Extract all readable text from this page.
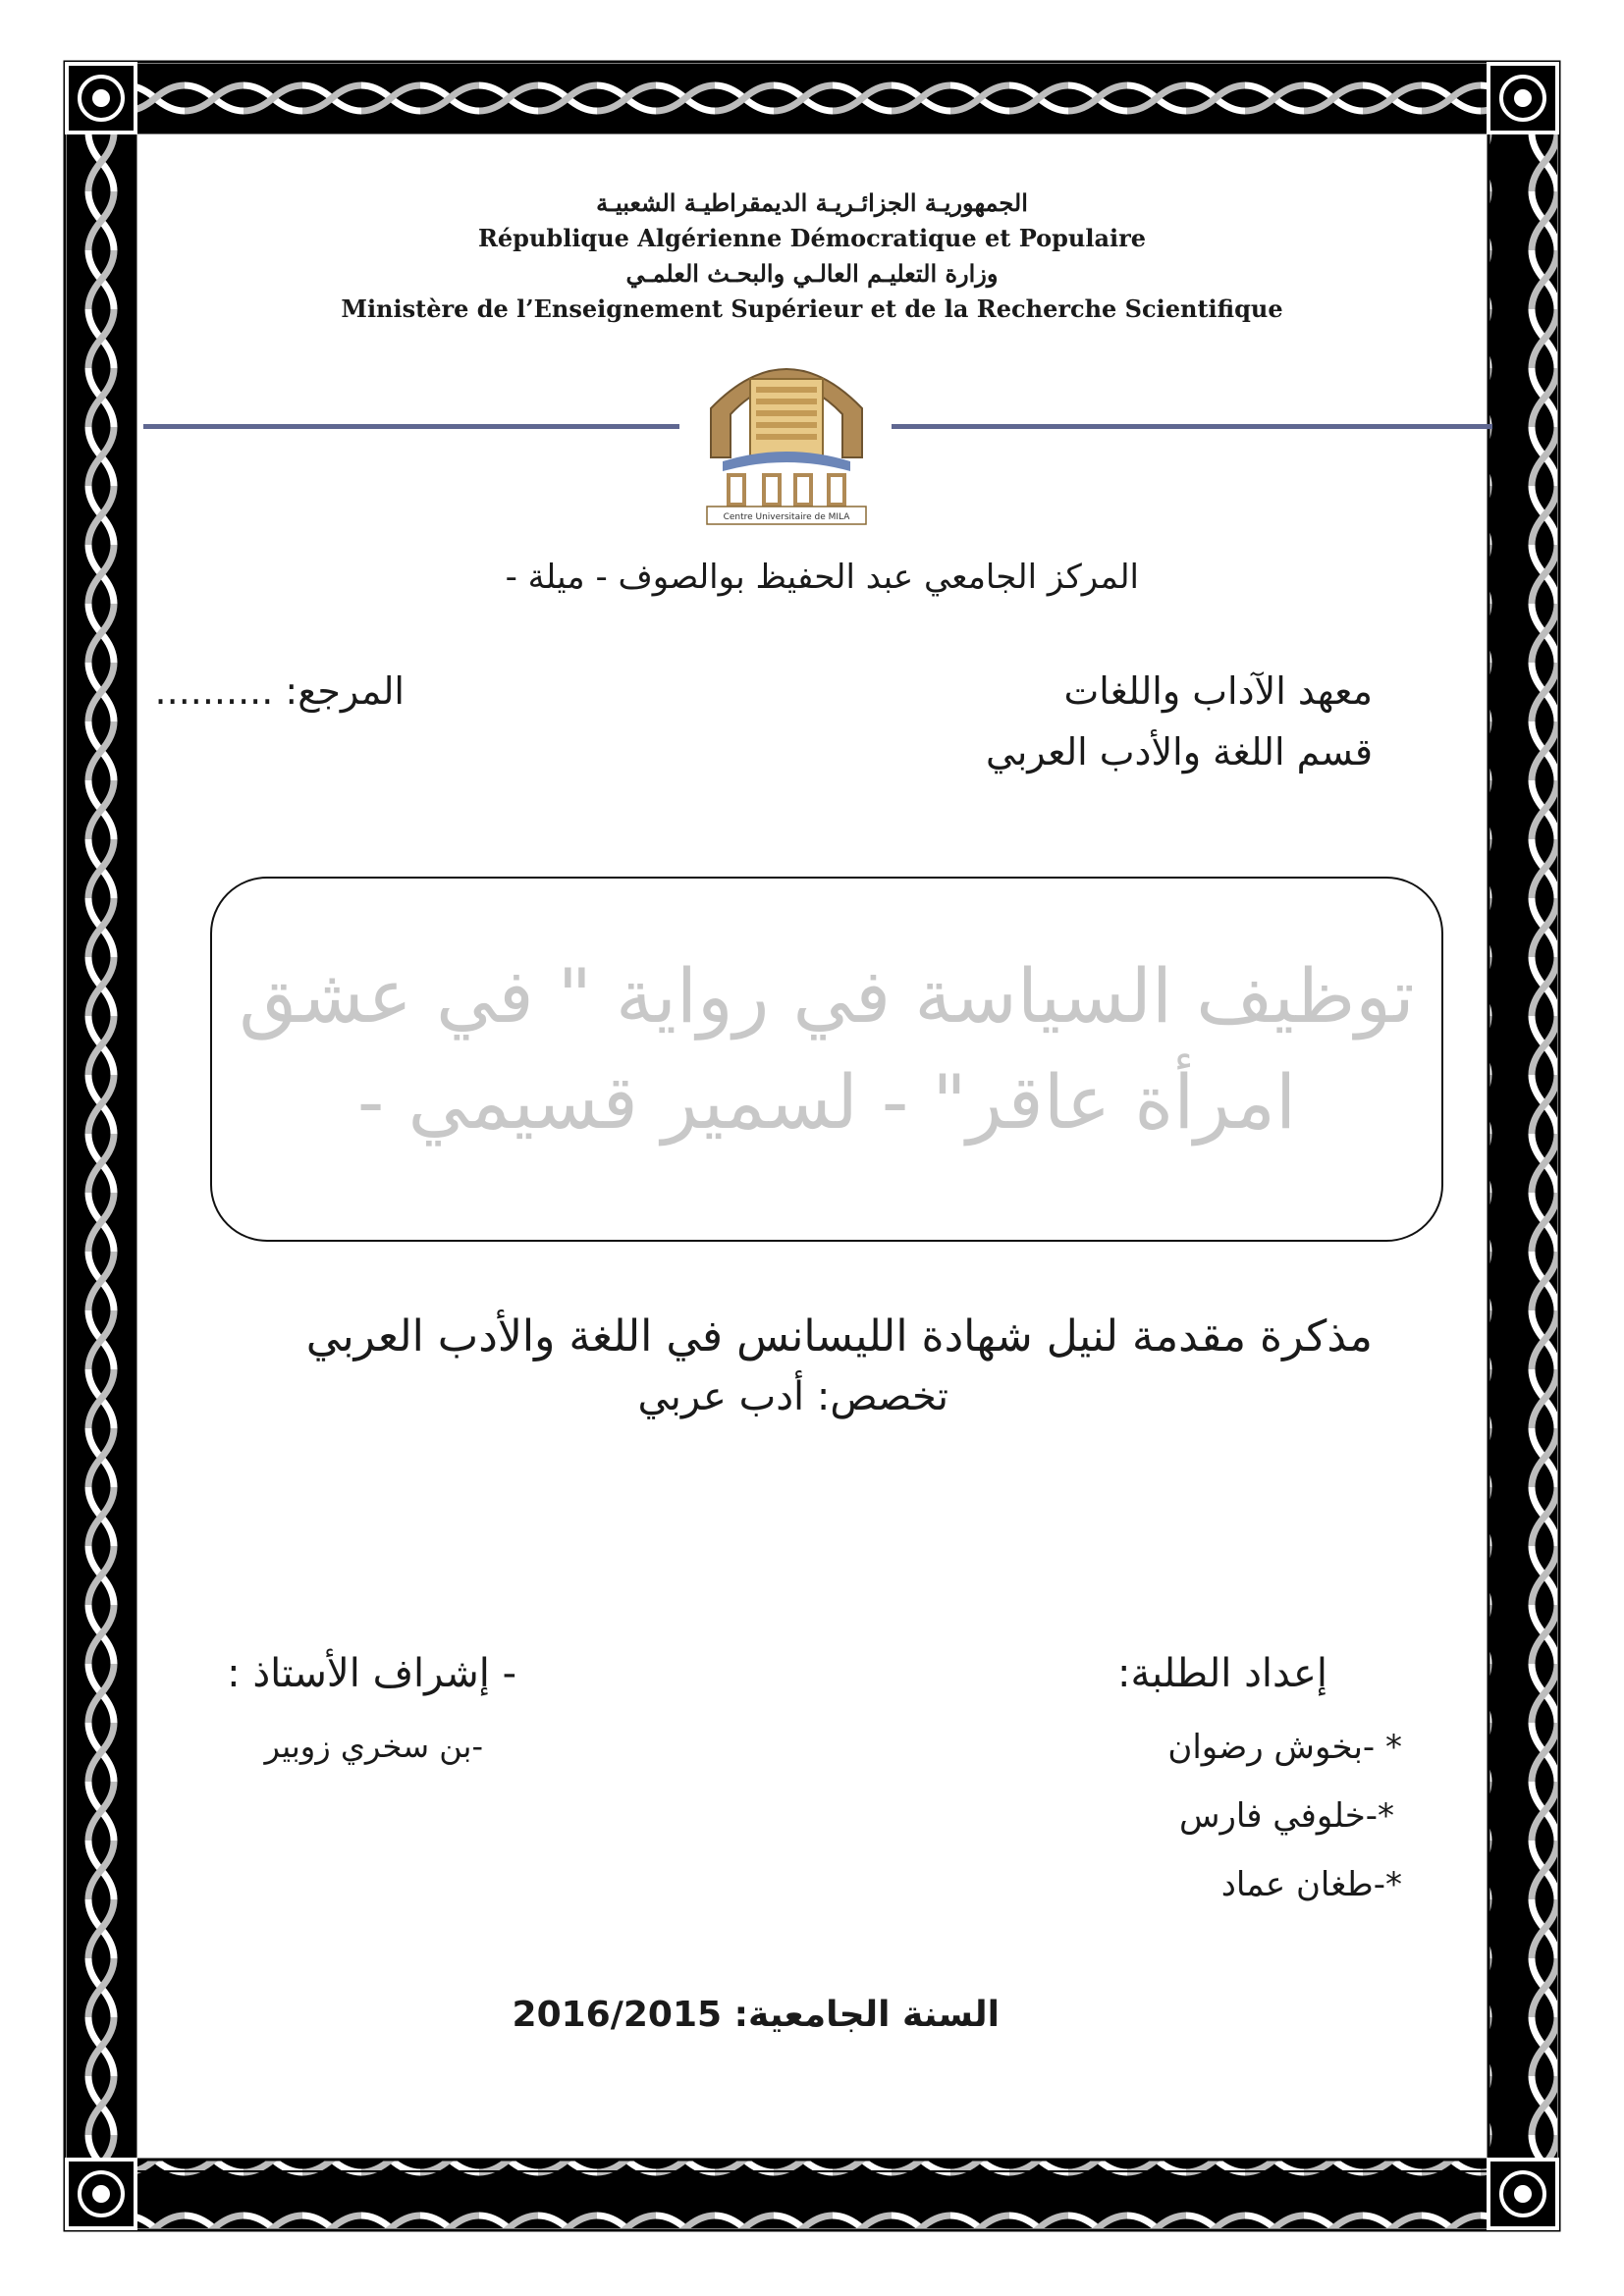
الجمهوريـة الجزائـريـة الديمقراطيـة الشعبيـة
République Algérienne Démocratique et Populaire
وزارة التعليـم العالـي والبحـث العلمـي
Ministère de l’Enseignement Supérieur et de la Recherche Scientifique
Centre Universitaire de MILA
المركز الجامعي عبد الحفيظ بوالصوف - ميلة -
معهد الآداب واللغات
المرجع: ..........
قسم اللغة والأدب العربي
توظيف السياسة في رواية " في عشق
امرأة عاقر" - لسمير قسيمي -
مذكرة مقدمة لنيل شهادة الليسانس في اللغة والأدب العربي
تخصص: أدب عربي
إعداد الطلبة:
* -بخوش رضوان
*-خلوفي فارس
*-طغان عماد
- إشراف الأستاذ :
-بن سخري زوبير
السنة الجامعية: 2016/2015
